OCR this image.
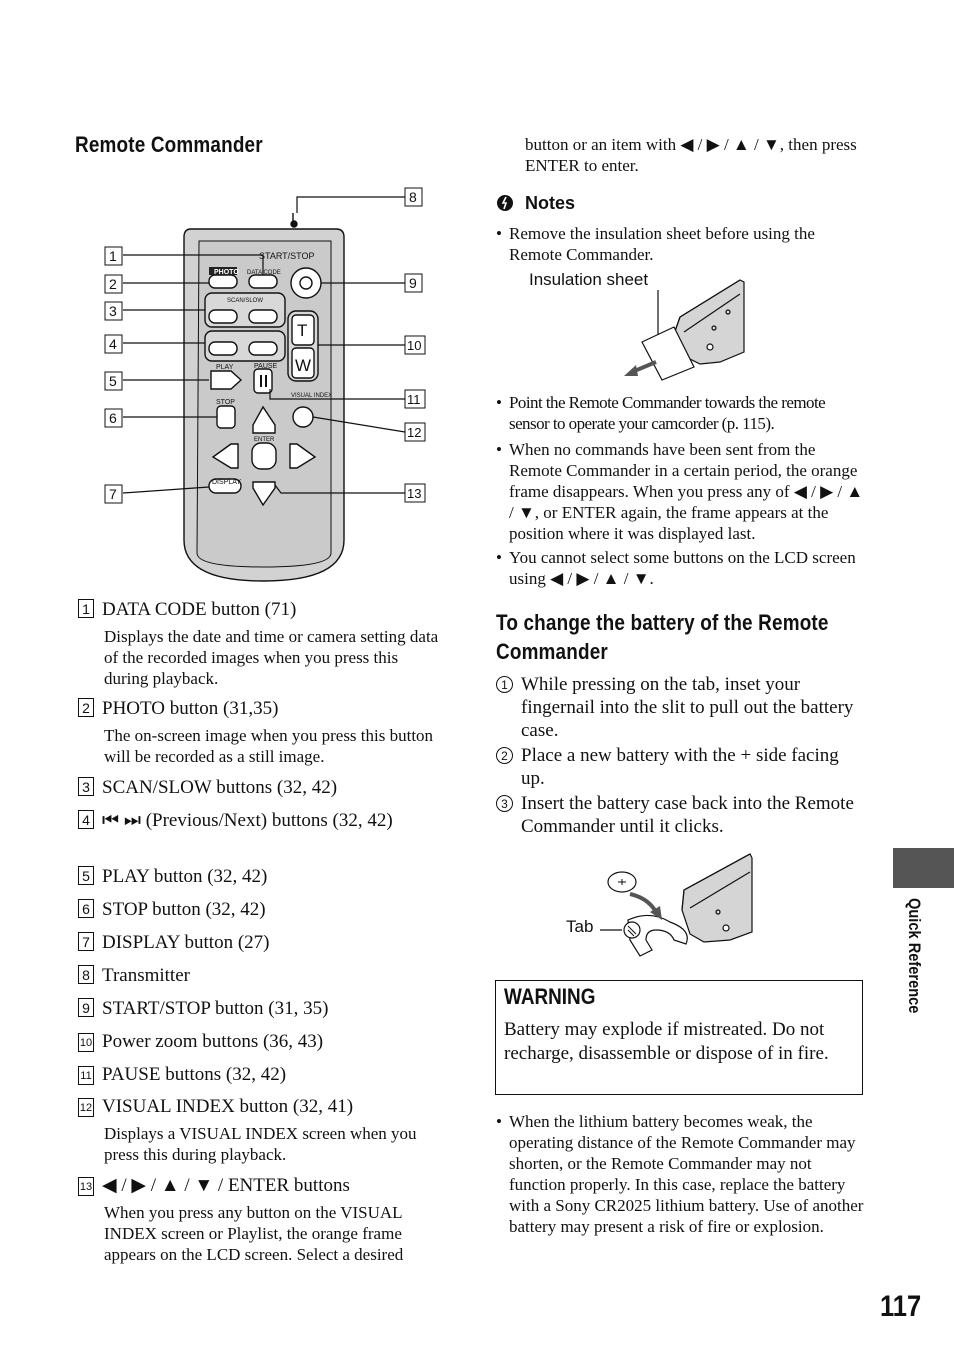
Remote Commander
START/STOP
PHOTO DATA CODE
SCAN/SLOW
PLAY	PAUSE
STOP
VISUAL INDEX
ENTER
DISPLAY
T
W
1
2
3
4
5
6
7
8
9
10
11
12
13
1 DATA CODE button (71)
Displays the date and time or camera setting data of the recorded images when you press this during playback.
2 PHOTO button (31,35)
The on-screen image when you press this button will be recorded as a still image.
3 SCAN/SLOW buttons (32, 42)
4 ⏮ ⏭ (Previous/Next) buttons (32, 42)
5 PLAY button (32, 42)
6 STOP button (32, 42)
7 DISPLAY button (27)
8 Transmitter
9 START/STOP button (31, 35)
10 Power zoom buttons (36, 43)
11 PAUSE buttons (32, 42)
12 VISUAL INDEX button (32, 41)
Displays a VISUAL INDEX screen when you press this during playback.
13 ◀ / ▶ / ▲ / ▼ / ENTER buttons
When you press any button on the VISUAL INDEX screen or Playlist, the orange frame appears on the LCD screen. Select a desired
button or an item with ◀ / ▶ / ▲ / ▼, then press ENTER to enter.
Notes
• Remove the insulation sheet before using the Remote Commander.
Insulation sheet
• Point the Remote Commander towards the remote sensor to operate your camcorder (p. 115).
• When no commands have been sent from the Remote Commander in a certain period, the orange frame disappears. When you press any of ◀ / ▶ / ▲ / ▼, or ENTER again, the frame appears at the position where it was displayed last.
• You cannot select some buttons on the LCD screen using ◀ / ▶ / ▲ / ▼.
To change the battery of the Remote Commander
1 While pressing on the tab, inset your fingernail into the slit to pull out the battery case.
2 Place a new battery with the + side facing up.
3 Insert the battery case back into the Remote Commander until it clicks.
Tab
WARNING
Battery may explode if mistreated. Do not recharge, disassemble or dispose of in fire.
• When the lithium battery becomes weak, the operating distance of the Remote Commander may shorten, or the Remote Commander may not function properly. In this case, replace the battery with a Sony CR2025 lithium battery. Use of another battery may present a risk of fire or explosion.
Quick Reference
117
